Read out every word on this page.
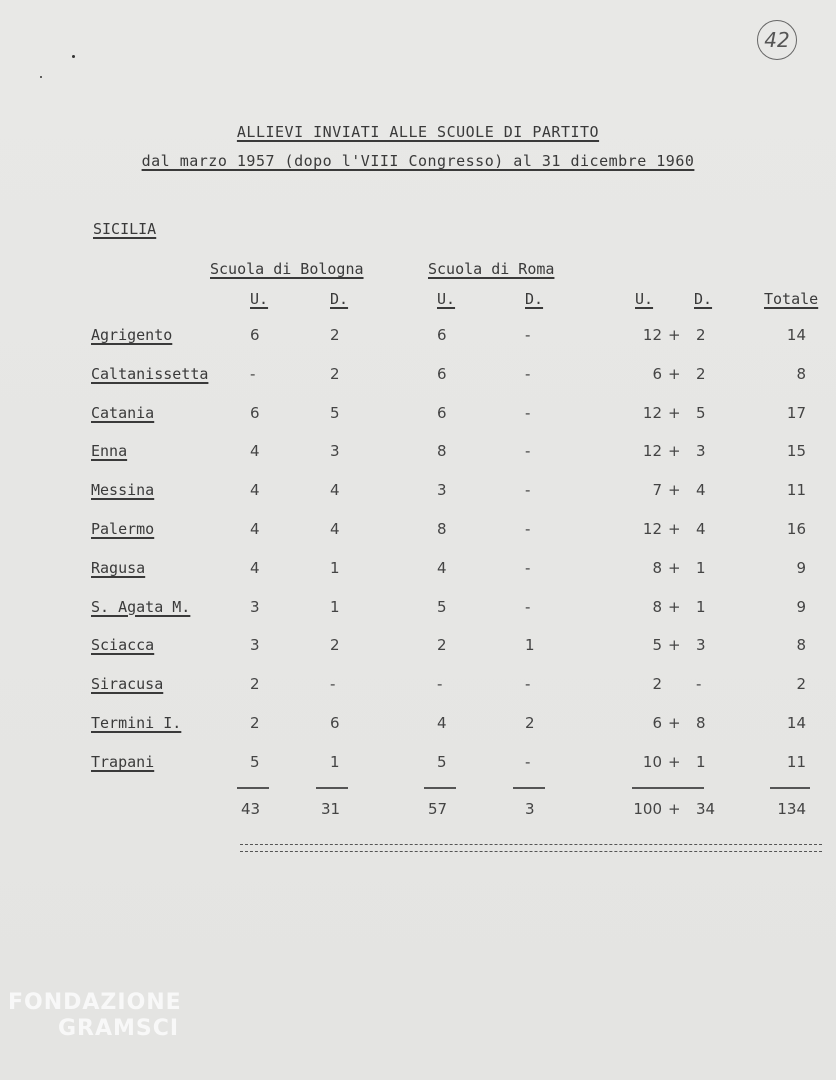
42
ALLIEVI INVIATI ALLE SCUOLE DI PARTITO
dal marzo 1957 (dopo l'VIII Congresso) al 31 dicembre 1960
SICILIA
Scuola di Bologna	Scuola di Roma
U.	D.	U.	D.	U.	D.	Totale
Agrigento	6	2	6	-	12 + 2	14
Caltanissetta	-	2	6	-	6 + 2	8
Catania	6	5	6	-	12 + 5	17
Enna	4	3	8	-	12 + 3	15
Messina	4	4	3	-	7 + 4	11
Palermo	4	4	8	-	12 + 4	16
Ragusa	4	1	4	-	8 + 1	9
S. Agata M.	3	1	5	-	8 + 1	9
Sciacca	3	2	2	1	5 + 3	8
Siracusa	2	-	-	-	2 -	2
Termini I.	2	6	4	2	6 + 8	14
Trapani	5	1	5	-	10 + 1	11
43	31	57	3	100 + 34	134
FONDAZIONE
GRAMSCI
